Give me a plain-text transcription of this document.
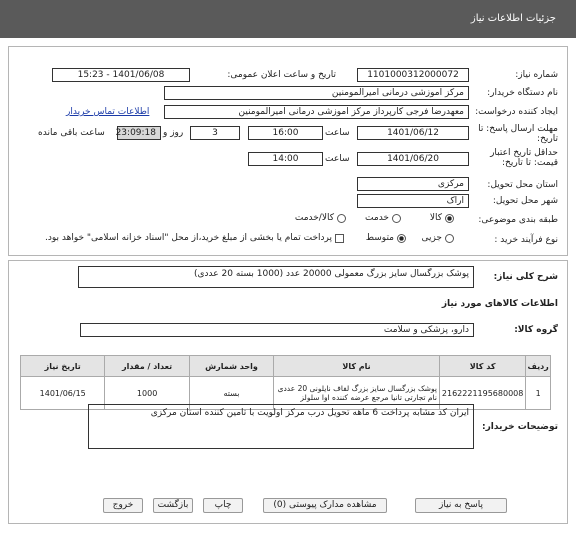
جزئیات اطلاعات نیاز
شماره نیاز:
1101000312000072
تاریخ و ساعت اعلان عمومی:
1401/06/08 - 15:23
نام دستگاه خریدار:
مرکز اموزشی درمانی امیرالمومنین
ایجاد کننده درخواست:
معهدرضا فرجی کارپرداز مرکز اموزشی درمانی امیرالمومنین
اطلاعات تماس خریدار
مهلت ارسال پاسخ: تا تاریخ:
1401/06/12
ساعت
16:00
3
روز و
23:09:18
ساعت باقی مانده
حداقل تاریخ اعتبار قیمت: تا تاریخ:
1401/06/20
ساعت
14:00
استان محل تحویل:
مرکزی
شهر محل تحویل:
اراک
طبقه بندی موضوعی:
کالا
خدمت
کالا/خدمت
نوع فرآیند خرید :
جزیی
متوسط
پرداخت تمام یا بخشی از مبلغ خرید،از محل "اسناد خزانه اسلامی" خواهد بود.
شرح کلی نیاز:
پوشک بزرگسال سایز بزرگ معمولی 20000 عدد (1000 بسته 20 عددی)
اطلاعات کالاهای مورد نیاز
گروه کالا:
دارو، پزشکی و سلامت
ردیف	کد کالا	نام کالا	واحد شمارش	تعداد / مقدار	تاریخ نیاز
1	2162221195680008	پوشک بزرگسال سایز بزرگ لفاف نایلونی 20 عددی نام تجارتی تانیا مرجع عرضه کننده اوا سلولز	بسته	1000	1401/06/15
توضیحات خریدار:
ایران کد مشابه پرداخت 6 ماهه تحویل درب مرکز اولویت با تامین کننده استان مرکزی
پاسخ به نیاز
مشاهده مدارک پیوستی (0)
چاپ
بازگشت
خروج
